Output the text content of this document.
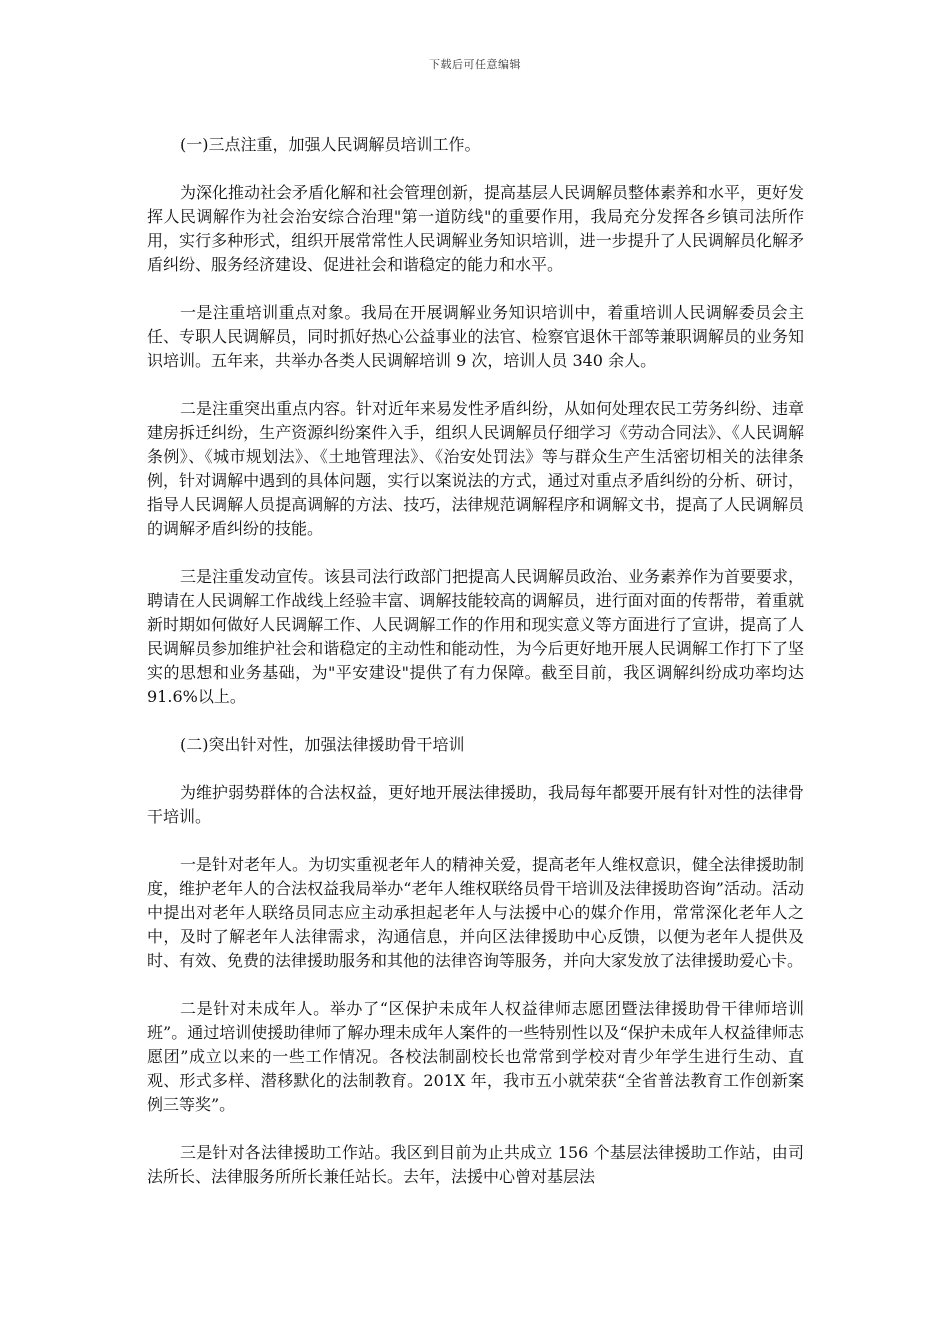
下载后可任意编辑

(一)三点注重，加强人民调解员培训工作。

为深化推动社会矛盾化解和社会管理创新，提高基层人民调解员整体素养和水平，更好发挥人民调解作为社会治安综合治理"第一道防线"的重要作用，我局充分发挥各乡镇司法所作用，实行多种形式，组织开展常常性人民调解业务知识培训，进一步提升了人民调解员化解矛盾纠纷、服务经济建设、促进社会和谐稳定的能力和水平。

一是注重培训重点对象。我局在开展调解业务知识培训中，着重培训人民调解委员会主任、专职人民调解员，同时抓好热心公益事业的法官、检察官退休干部等兼职调解员的业务知识培训。五年来，共举办各类人民调解培训 9 次，培训人员 340 余人。

二是注重突出重点内容。针对近年来易发性矛盾纠纷，从如何处理农民工劳务纠纷、违章建房拆迁纠纷，生产资源纠纷案件入手，组织人民调解员仔细学习《劳动合同法》、《人民调解条例》、《城市规划法》、《土地管理法》、《治安处罚法》等与群众生产生活密切相关的法律条例，针对调解中遇到的具体问题，实行以案说法的方式，通过对重点矛盾纠纷的分析、研讨，指导人民调解人员提高调解的方法、技巧，法律规范调解程序和调解文书，提高了人民调解员的调解矛盾纠纷的技能。

三是注重发动宣传。该县司法行政部门把提高人民调解员政治、业务素养作为首要要求，聘请在人民调解工作战线上经验丰富、调解技能较高的调解员，进行面对面的传帮带，着重就新时期如何做好人民调解工作、人民调解工作的作用和现实意义等方面进行了宣讲，提高了人民调解员参加维护社会和谐稳定的主动性和能动性，为今后更好地开展人民调解工作打下了坚实的思想和业务基础，为"平安建设"提供了有力保障。截至目前，我区调解纠纷成功率均达 91.6%以上。

(二)突出针对性，加强法律援助骨干培训

为维护弱势群体的合法权益，更好地开展法律援助，我局每年都要开展有针对性的法律骨干培训。

一是针对老年人。为切实重视老年人的精神关爱，提高老年人维权意识，健全法律援助制度，维护老年人的合法权益我局举办“老年人维权联络员骨干培训及法律援助咨询”活动。活动中提出对老年人联络员同志应主动承担起老年人与法援中心的媒介作用，常常深化老年人之中，及时了解老年人法律需求，沟通信息，并向区法律援助中心反馈，以便为老年人提供及时、有效、免费的法律援助服务和其他的法律咨询等服务，并向大家发放了法律援助爱心卡。

二是针对未成年人。举办了“区保护未成年人权益律师志愿团暨法律援助骨干律师培训班”。通过培训使援助律师了解办理未成年人案件的一些特别性以及“保护未成年人权益律师志愿团”成立以来的一些工作情况。各校法制副校长也常常到学校对青少年学生进行生动、直观、形式多样、潜移默化的法制教育。201X 年，我市五小就荣获“全省普法教育工作创新案例三等奖”。

三是针对各法律援助工作站。我区到目前为止共成立 156 个基层法律援助工作站，由司法所长、法律服务所所长兼任站长。去年，法援中心曾对基层法
